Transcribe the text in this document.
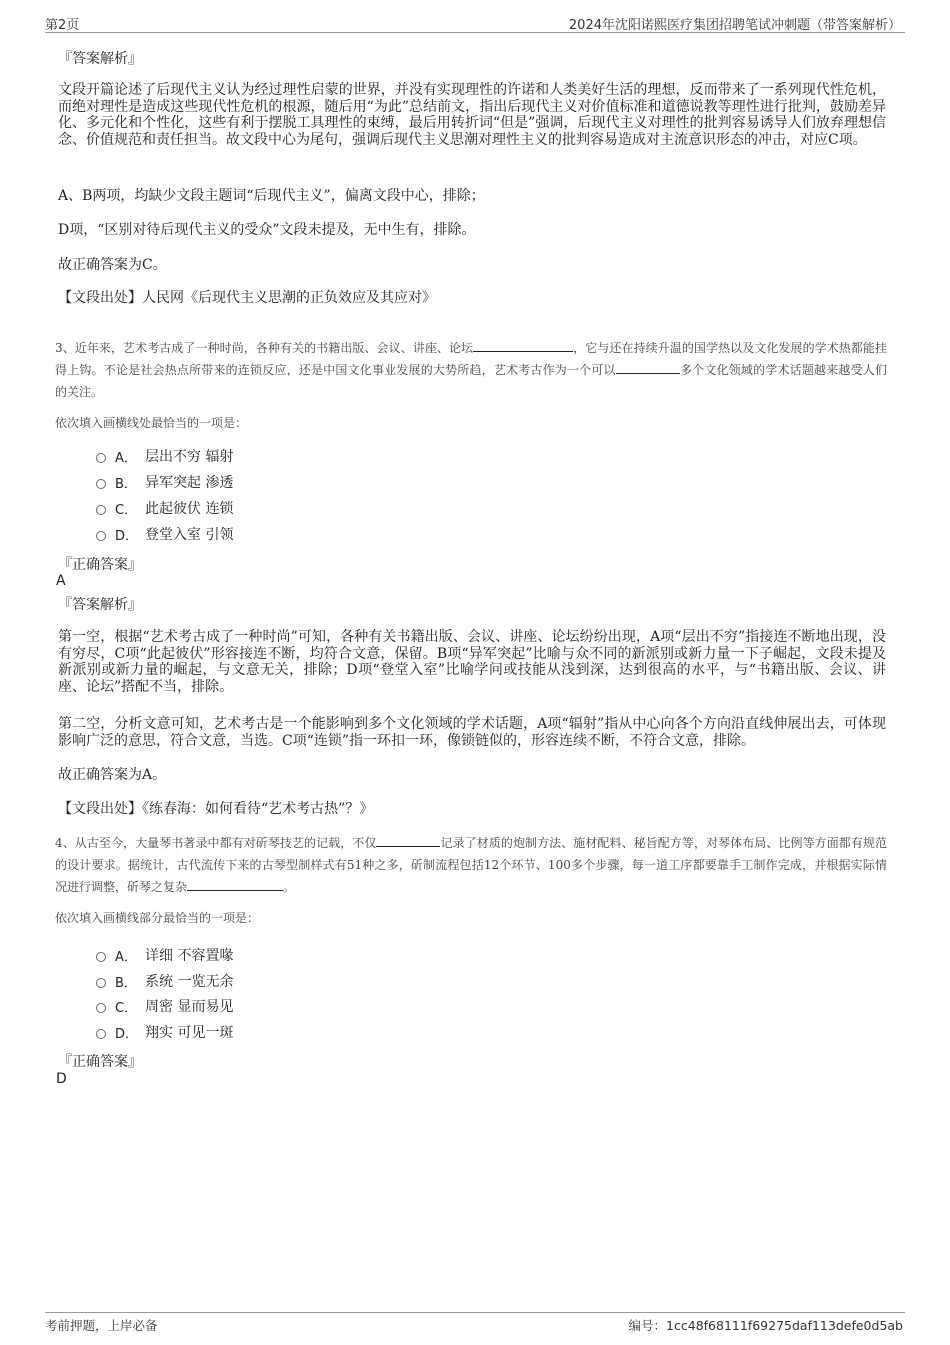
第2页	2024年沈阳诺熙医疗集团招聘笔试冲刺题（带答案解析）
『答案解析』
文段开篇论述了后现代主义认为经过理性启蒙的世界，并没有实现理性的许诺和人类美好生活的理想，反而带来了一系列现代性危机，而绝对理性是造成这些现代性危机的根源，随后用“为此”总结前文，指出后现代主义对价值标准和道德说教等理性进行批判，鼓励差异化、多元化和个性化，这些有利于摆脱工具理性的束缚，最后用转折词“但是”强调，后现代主义对理性的批判容易诱导人们放弃理想信念、价值规范和责任担当。故文段中心为尾句，强调后现代主义思潮对理性主义的批判容易造成对主流意识形态的冲击，对应C项。
A、B两项，均缺少文段主题词“后现代主义”，偏离文段中心，排除；
D项，“区别对待后现代主义的受众”文段未提及，无中生有，排除。
故正确答案为C。
【文段出处】人民网《后现代主义思潮的正负效应及其应对》
3、近年来，艺术考古成了一种时尚，各种有关的书籍出版、会议、讲座、论坛	，它与还在持续升温的国学热以及文化发展的学术热都能挂得上钩。不论是社会热点所带来的连锁反应，还是中国文化事业发展的大势所趋，艺术考古作为一个可以	多个文化领域的学术话题越来越受人们的关注。
依次填入画横线处最恰当的一项是：
A． 层出不穷 辐射
B． 异军突起 渗透
C． 此起彼伏 连锁
D． 登堂入室 引领
『正确答案』
A
『答案解析』
第一空，根据“艺术考古成了一种时尚”可知，各种有关书籍出版、会议、讲座、论坛纷纷出现，A项“层出不穷”指接连不断地出现，没有穷尽，C项“此起彼伏”形容接连不断，均符合文意，保留。B项“异军突起”比喻与众不同的新派别或新力量一下子崛起，文段未提及新派别或新力量的崛起，与文意无关，排除；D项“登堂入室”比喻学问或技能从浅到深，达到很高的水平，与“书籍出版、会议、讲座、论坛”搭配不当，排除。
第二空，分析文意可知，艺术考古是一个能影响到多个文化领域的学术话题，A项“辐射”指从中心向各个方向沿直线伸展出去，可体现影响广泛的意思，符合文意，当选。C项“连锁”指一环扣一环，像锁链似的，形容连续不断，不符合文意，排除。
故正确答案为A。
【文段出处】《练春海：如何看待“艺术考古热”？》
4、从古至今，大量琴书著录中都有对斫琴技艺的记载，不仅	记录了材质的炮制方法、施材配料、秘旨配方等，对琴体布局、比例等方面都有规范的设计要求。据统计，古代流传下来的古琴型制样式有51种之多，斫制流程包括12个环节、100多个步骤，每一道工序都要靠手工制作完成，并根据实际情况进行调整，斫琴之复杂	。
依次填入画横线部分最恰当的一项是：
A． 详细 不容置喙
B． 系统 一览无余
C． 周密 显而易见
D． 翔实 可见一斑
『正确答案』
D
考前押题，上岸必备	编号：1cc48f68111f69275daf113defe0d5ab
